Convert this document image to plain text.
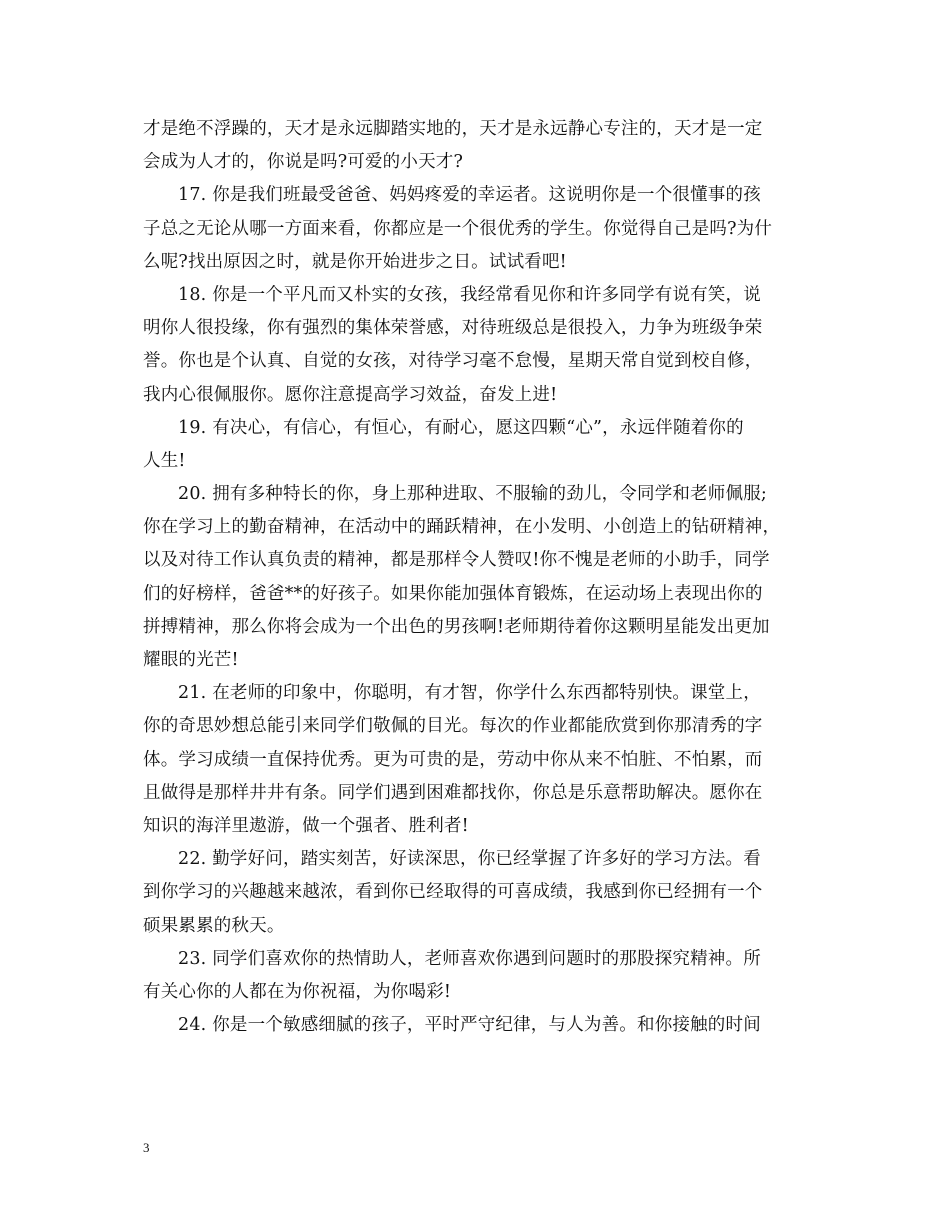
才是绝不浮躁的，天才是永远脚踏实地的，天才是永远静心专注的，天才是一定
会成为人才的，你说是吗?可爱的小天才?
17. 你是我们班最受爸爸、妈妈疼爱的幸运者。这说明你是一个很懂事的孩
子总之无论从哪一方面来看，你都应是一个很优秀的学生。你觉得自己是吗?为什
么呢?找出原因之时，就是你开始进步之日。试试看吧!
18. 你是一个平凡而又朴实的女孩，我经常看见你和许多同学有说有笑，说
明你人很投缘，你有强烈的集体荣誉感，对待班级总是很投入，力争为班级争荣
誉。你也是个认真、自觉的女孩，对待学习毫不怠慢，星期天常自觉到校自修，
我内心很佩服你。愿你注意提高学习效益，奋发上进!
19. 有决心，有信心，有恒心，有耐心，愿这四颗“心”，永远伴随着你的
人生!
20. 拥有多种特长的你，身上那种进取、不服输的劲儿，令同学和老师佩服;
你在学习上的勤奋精神，在活动中的踊跃精神，在小发明、小创造上的钻研精神，
以及对待工作认真负责的精神，都是那样令人赞叹!你不愧是老师的小助手，同学
们的好榜样，爸爸**的好孩子。如果你能加强体育锻炼，在运动场上表现出你的
拼搏精神，那么你将会成为一个出色的男孩啊!老师期待着你这颗明星能发出更加
耀眼的光芒!
21. 在老师的印象中，你聪明，有才智，你学什么东西都特别快。课堂上，
你的奇思妙想总能引来同学们敬佩的目光。每次的作业都能欣赏到你那清秀的字
体。学习成绩一直保持优秀。更为可贵的是，劳动中你从来不怕脏、不怕累，而
且做得是那样井井有条。同学们遇到困难都找你，你总是乐意帮助解决。愿你在
知识的海洋里遨游，做一个强者、胜利者!
22. 勤学好问，踏实刻苦，好读深思，你已经掌握了许多好的学习方法。看
到你学习的兴趣越来越浓，看到你已经取得的可喜成绩，我感到你已经拥有一个
硕果累累的秋天。
23. 同学们喜欢你的热情助人，老师喜欢你遇到问题时的那股探究精神。所
有关心你的人都在为你祝福，为你喝彩!
24. 你是一个敏感细腻的孩子，平时严守纪律，与人为善。和你接触的时间
3
